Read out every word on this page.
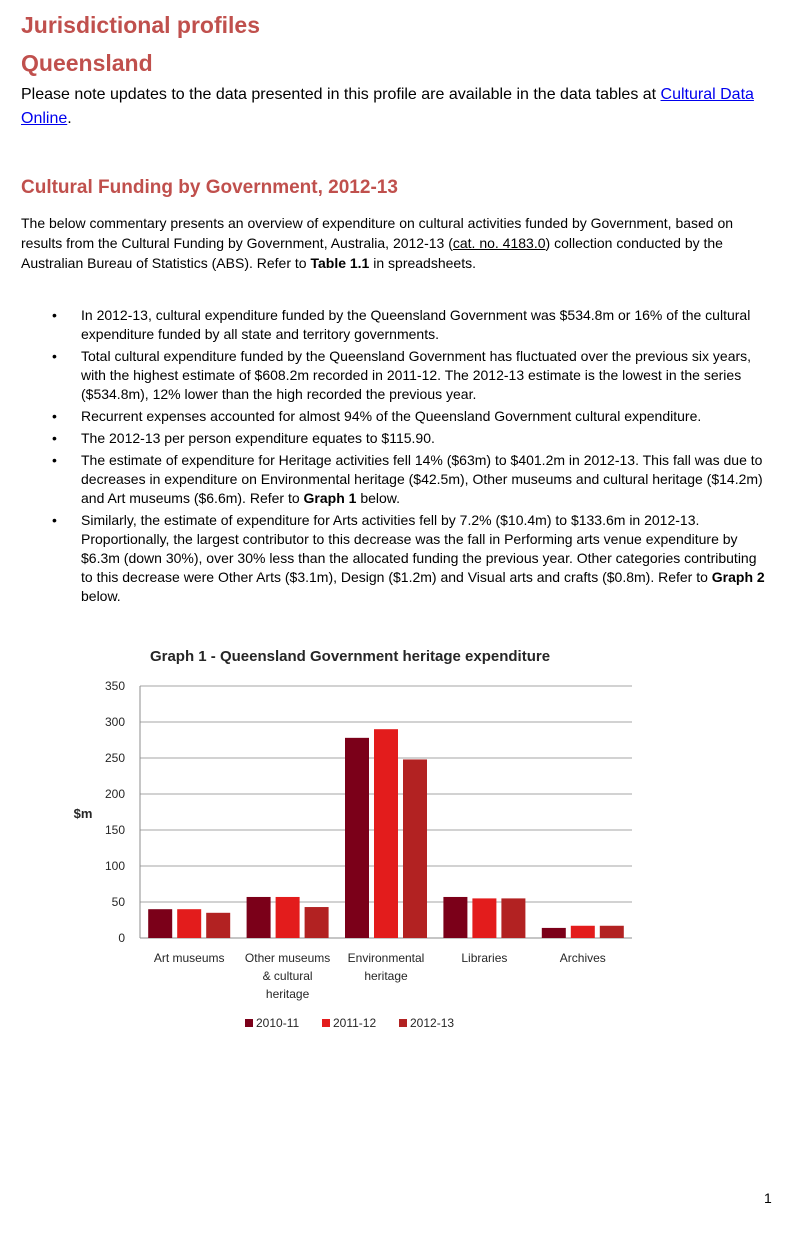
Jurisdictional profiles
Queensland

Please note updates to the data presented in this profile are available in the data tables at Cultural Data Online.

Cultural Funding by Government, 2012-13

The below commentary presents an overview of expenditure on cultural activities funded by Government, based on results from the Cultural Funding by Government, Australia, 2012-13 (cat. no. 4183.0) collection conducted by the Australian Bureau of Statistics (ABS). Refer to Table 1.1 in spreadsheets.

• In 2012-13, cultural expenditure funded by the Queensland Government was $534.8m or 16% of the cultural expenditure funded by all state and territory governments.
• Total cultural expenditure funded by the Queensland Government has fluctuated over the previous six years, with the highest estimate of $608.2m recorded in 2011-12. The 2012-13 estimate is the lowest in the series ($534.8m), 12% lower than the high recorded the previous year.
• Recurrent expenses accounted for almost 94% of the Queensland Government cultural expenditure.
• The 2012-13 per person expenditure equates to $115.90.
• The estimate of expenditure for Heritage activities fell 14% ($63m) to $401.2m in 2012-13. This fall was due to decreases in expenditure on Environmental heritage ($42.5m), Other museums and cultural heritage ($14.2m) and Art museums ($6.6m). Refer to Graph 1 below.
• Similarly, the estimate of expenditure for Arts activities fell by 7.2% ($10.4m) to $133.6m in 2012-13. Proportionally, the largest contributor to this decrease was the fall in Performing arts venue expenditure by $6.3m (down 30%), over 30% less than the allocated funding the previous year. Other categories contributing to this decrease were Other Arts ($3.1m), Design ($1.2m) and Visual arts and crafts ($0.8m). Refer to Graph 2 below.
Graph 1 - Queensland Government heritage expenditure
0
50
100
150
200
250
300
350
$m
Art museums Other museums
& cultural
heritage
Environmental
heritage
Libraries	Archives
2010-11	2011-12	2012-13
1
